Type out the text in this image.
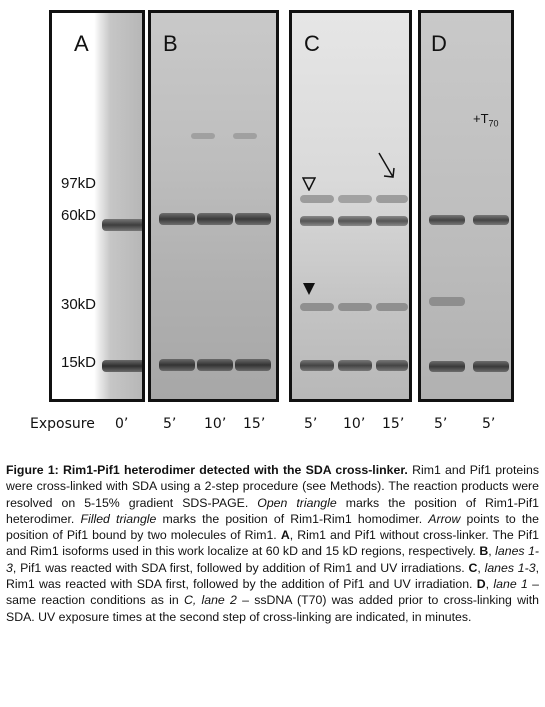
A	B	C	D
$+T_{70}$
97kD
60kD
30kD
15kD
Exposure 0’ 5’ 10’ 15’	5’ 10’ 15’ 5’ 5’
Figure 1: Rim1-Pif1 heterodimer detected with the SDA cross-linker. Rim1 and Pif1 proteins were cross-linked with SDA using a 2-step procedure (see Methods). The reaction products were resolved on 5-15% gradient SDS-PAGE. Open triangle marks the position of Rim1-Pif1 heterodimer. Filled triangle marks the position of Rim1-Rim1 homodimer. Arrow points to the position of Pif1 bound by two molecules of Rim1. A, Rim1 and Pif1 without cross-linker. The Pif1 and Rim1 isoforms used in this work localize at 60 kD and 15 kD regions, respectively. B, lanes 1-3, Pif1 was reacted with SDA first, followed by addition of Rim1 and UV irradiations. C, lanes 1-3, Rim1 was reacted with SDA first, followed by the addition of Pif1 and UV irradiation. D, lane 1 – same reaction conditions as in C, lane 2 – ssDNA (T70) was added prior to cross-linking with SDA. UV exposure times at the second step of cross-linking are indicated, in minutes.
